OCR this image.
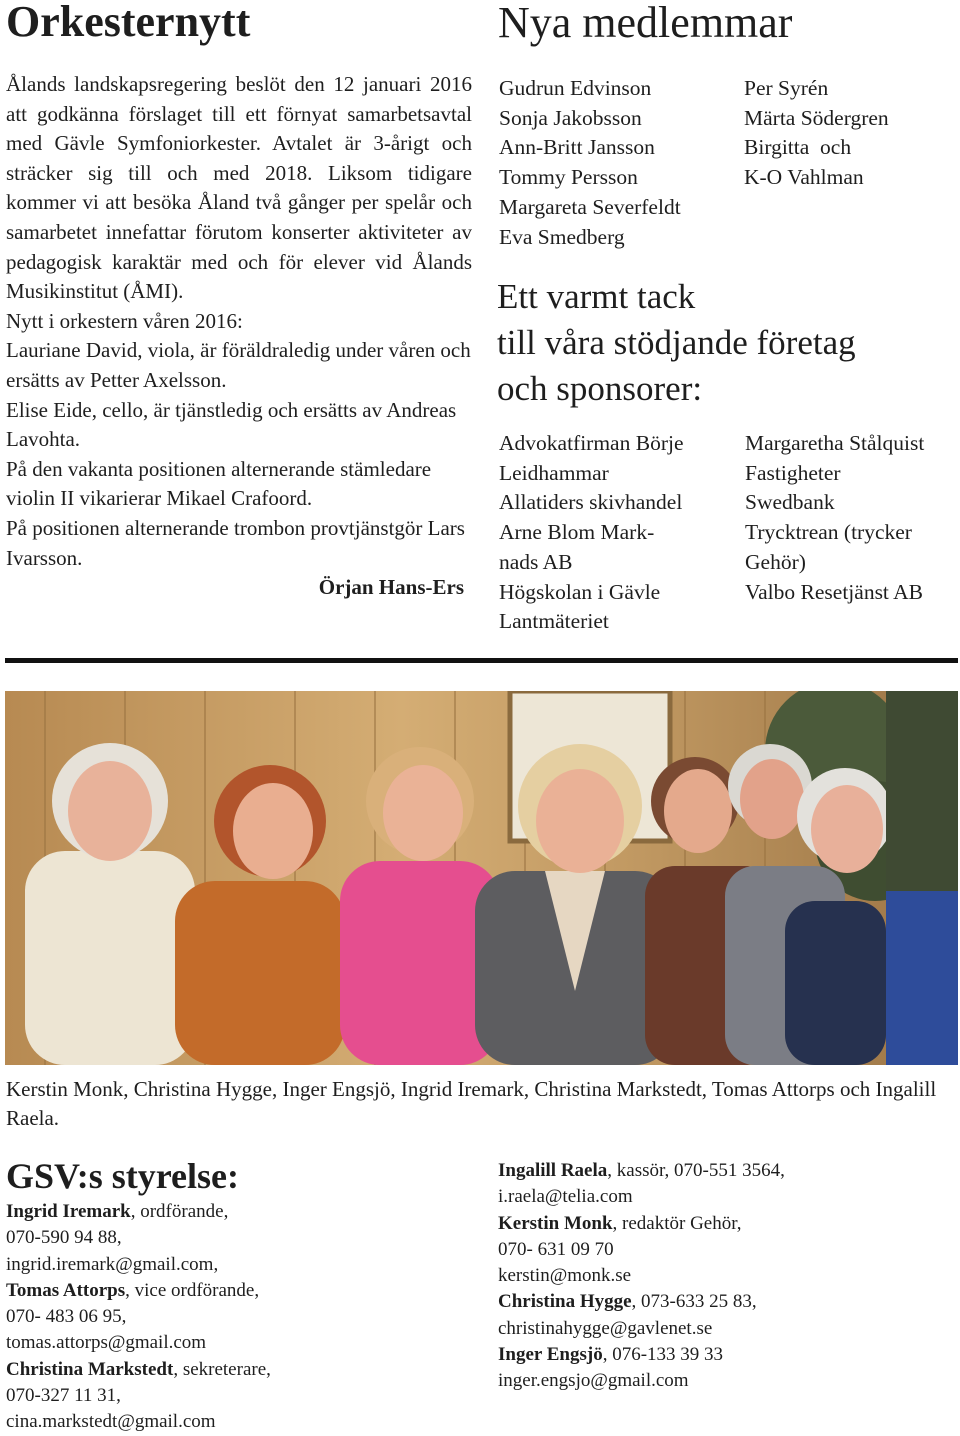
Orkesternytt

Ålands landskapsregering beslöt den 12 januari 2016 att godkänna förslaget till ett förnyat samarbetsavtal med Gävle Symfoniorkester. Avtalet är 3-årigt och sträcker sig till och med 2018. Liksom tidigare kommer vi att besöka Åland två gånger per spelår och samarbetet innefattar förutom konserter aktiviteter av pedagogisk karaktär med och för elever vid Ålands Musikinstitut (ÅMI).

Nytt i orkestern våren 2016:

Lauriane David, viola, är föräldraledig under våren och ersätts av Petter Axelsson.

Elise Eide, cello, är tjänstledig och ersätts av Andreas Lavohta.

På den vakanta positionen alternerande stämledare violin II vikarierar Mikael Crafoord.

På positionen alternerande trombon provtjänstgör Lars Ivarsson.

Örjan Hans-Ers

Nya medlemmar
Gudrun Edvinson
Sonja Jakobsson
Ann-Britt Jansson
Tommy Persson
Margareta Severfeldt
Eva Smedberg
Per Syrén
Märta Södergren
Birgitta  och
K-O Vahlman
Ett varmt tack
till våra stödjande företag
och sponsorer:
Advokatfirman Börje
Leidhammar
Allatiders skivhandel
Arne Blom Mark-
nads AB
Högskolan i Gävle
Lantmäteriet
Margaretha Stålquist
Fastigheter
Swedbank
Trycktrean (trycker
Gehör)
Valbo Resetjänst AB
Kerstin Monk, Christina Hygge, Inger Engsjö, Ingrid Iremark, Christina Markstedt, Tomas Attorps och Ingalill Raela.
GSV:s styrelse:
Ingrid Iremark, ordförande,
070-590 94 88,
ingrid.iremark@gmail.com,
Tomas Attorps, vice ordförande,
070- 483 06 95,
tomas.attorps@gmail.com
Christina Markstedt, sekreterare,
070-327 11 31,
cina.markstedt@gmail.com
Ingalill Raela, kassör, 070-551 3564,
i.raela@telia.com
Kerstin Monk, redaktör Gehör,
070- 631 09 70
kerstin@monk.se
Christina Hygge, 073-633 25 83,
christinahygge@gavlenet.se
Inger Engsjö, 076-133 39 33
inger.engsjo@gmail.com
